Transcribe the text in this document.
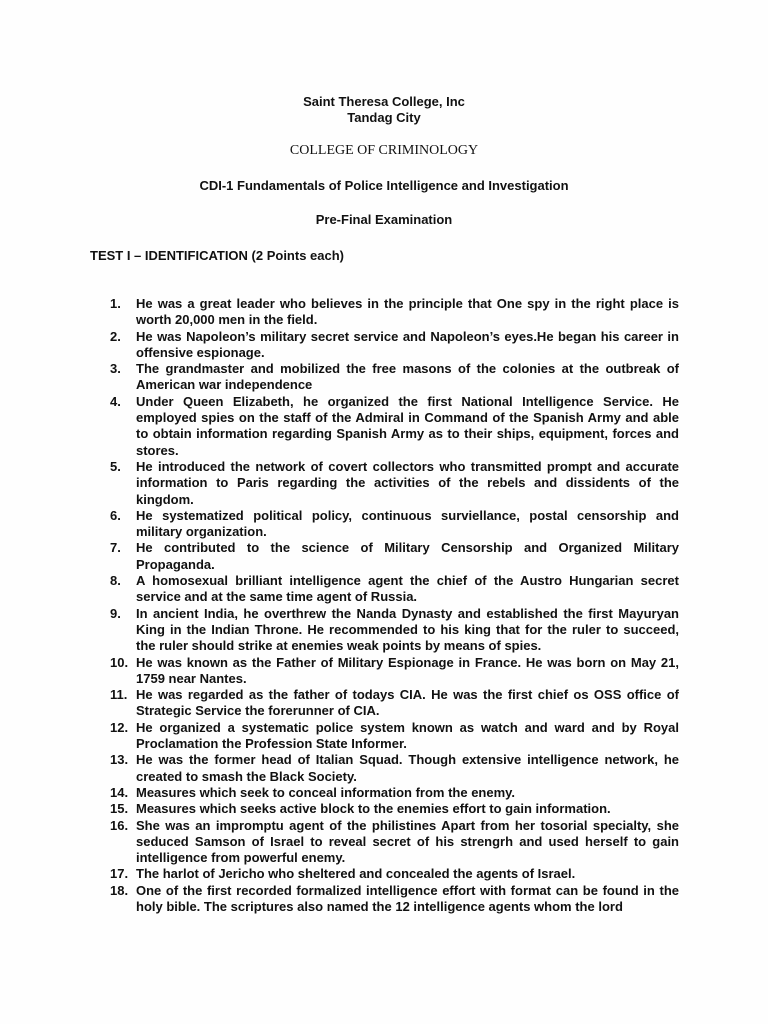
Saint Theresa College, Inc
Tandag City
COLLEGE OF CRIMINOLOGY
CDI-1 Fundamentals of Police Intelligence and Investigation
Pre-Final Examination
TEST I – IDENTIFICATION (2 Points each)
1. He was a great leader who believes in the principle that One spy in the right place is worth 20,000 men in the field.
2. He was Napoleon’s military secret service and Napoleon’s eyes.He began his career in offensive espionage.
3. The grandmaster and mobilized the free masons of the colonies at the outbreak of American war independence
4. Under Queen Elizabeth, he organized the first National Intelligence Service. He employed spies on the staff of the Admiral in Command of the Spanish Army and able to obtain information regarding Spanish Army as to their ships, equipment, forces and stores.
5. He introduced the network of covert collectors who transmitted prompt and accurate information to Paris regarding the activities of the rebels and dissidents of the kingdom.
6. He systematized political policy, continuous surviellance, postal censorship and military organization.
7. He contributed to the science of Military Censorship and Organized Military Propaganda.
8. A homosexual brilliant intelligence agent the chief of the Austro Hungarian secret service and at the same time agent of Russia.
9. In ancient India, he overthrew the Nanda Dynasty and established the first Mayuryan King in the Indian Throne. He recommended to his king that for the ruler to succeed, the ruler should strike at enemies weak points by means of spies.
10. He was known as the Father of Military Espionage in France. He was born on May 21, 1759 near Nantes.
11. He was regarded as the father of todays CIA. He was the first chief os OSS office of Strategic Service the forerunner of CIA.
12. He organized a systematic police system known as watch and ward and by Royal Proclamation the Profession State Informer.
13. He was the former head of Italian Squad. Though extensive intelligence network, he created to smash the Black Society.
14. Measures which seek to conceal information from the enemy.
15. Measures which seeks active block to the enemies effort to gain information.
16. She was an impromptu agent of the philistines Apart from her tosorial specialty, she seduced Samson of Israel to reveal secret of his strengrh and used herself to gain intelligence from powerful enemy.
17. The harlot of Jericho who sheltered and concealed the agents of Israel.
18. One of the first recorded formalized intelligence effort with format can be found in the holy bible. The scriptures also named the 12 intelligence agents whom the lord
